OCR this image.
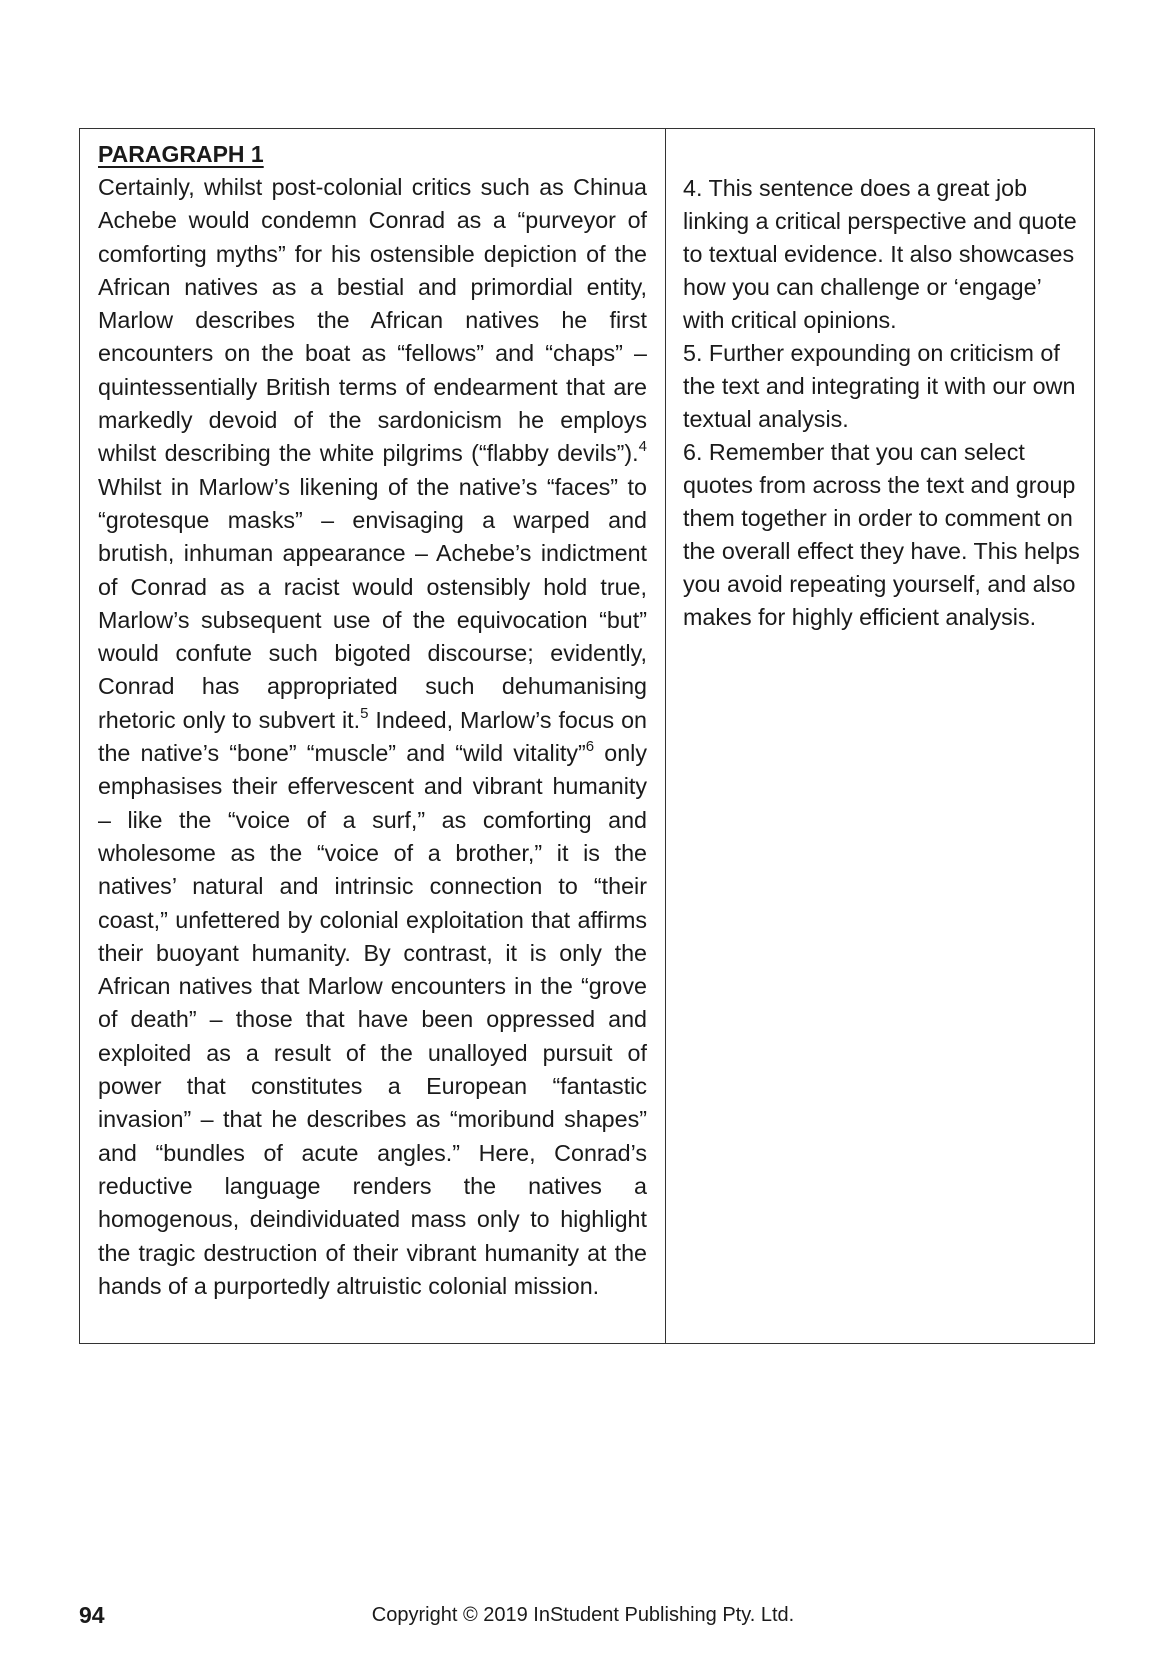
PARAGRAPH 1

Certainly, whilst post-colonial critics such as Chinua Achebe would condemn Conrad as a “purveyor of comforting myths” for his ostensible depiction of the African natives as a bestial and primordial entity, Marlow describes the African natives he first encounters on the boat as “fellows” and “chaps” – quintessentially British terms of endearment that are markedly devoid of the sardonicism he employs whilst describing the white pilgrims (“flabby devils”).$^4$ Whilst in Marlow’s likening of the native’s “faces” to “grotesque masks” – envisaging a warped and brutish, inhuman appearance – Achebe’s indictment of Conrad as a racist would ostensibly hold true, Marlow’s subsequent use of the equivocation “but” would confute such bigoted discourse; evidently, Conrad has appropriated such dehumanising rhetoric only to subvert it.$^5$ Indeed, Marlow’s focus on the native’s “bone” “muscle” and “wild vitality”$^6$ only emphasises their effervescent and vibrant humanity – like the “voice of a surf,” as comforting and wholesome as the “voice of a brother,” it is the natives’ natural and intrinsic connection to “their coast,” unfettered by colonial exploitation that affirms their buoyant humanity. By contrast, it is only the African natives that Marlow encounters in the “grove of death” – those that have been oppressed and exploited as a result of the unalloyed pursuit of power that constitutes a European “fantastic invasion” – that he describes as “moribund shapes” and “bundles of acute angles.” Here, Conrad’s reductive language renders the natives a homogenous, deindividuated mass only to highlight the tragic destruction of their vibrant humanity at the hands of a purportedly altruistic colonial mission.

4. This sentence does a great job linking a critical perspective and quote to textual evidence. It also showcases how you can challenge or ‘engage’ with critical opinions.

5. Further expounding on criticism of the text and integrating it with our own textual analysis.

6. Remember that you can select quotes from across the text and group them together in order to comment on the overall effect they have. This helps you avoid repeating yourself, and also makes for highly efficient analysis.

94	Copyright © 2019 InStudent Publishing Pty. Ltd.
